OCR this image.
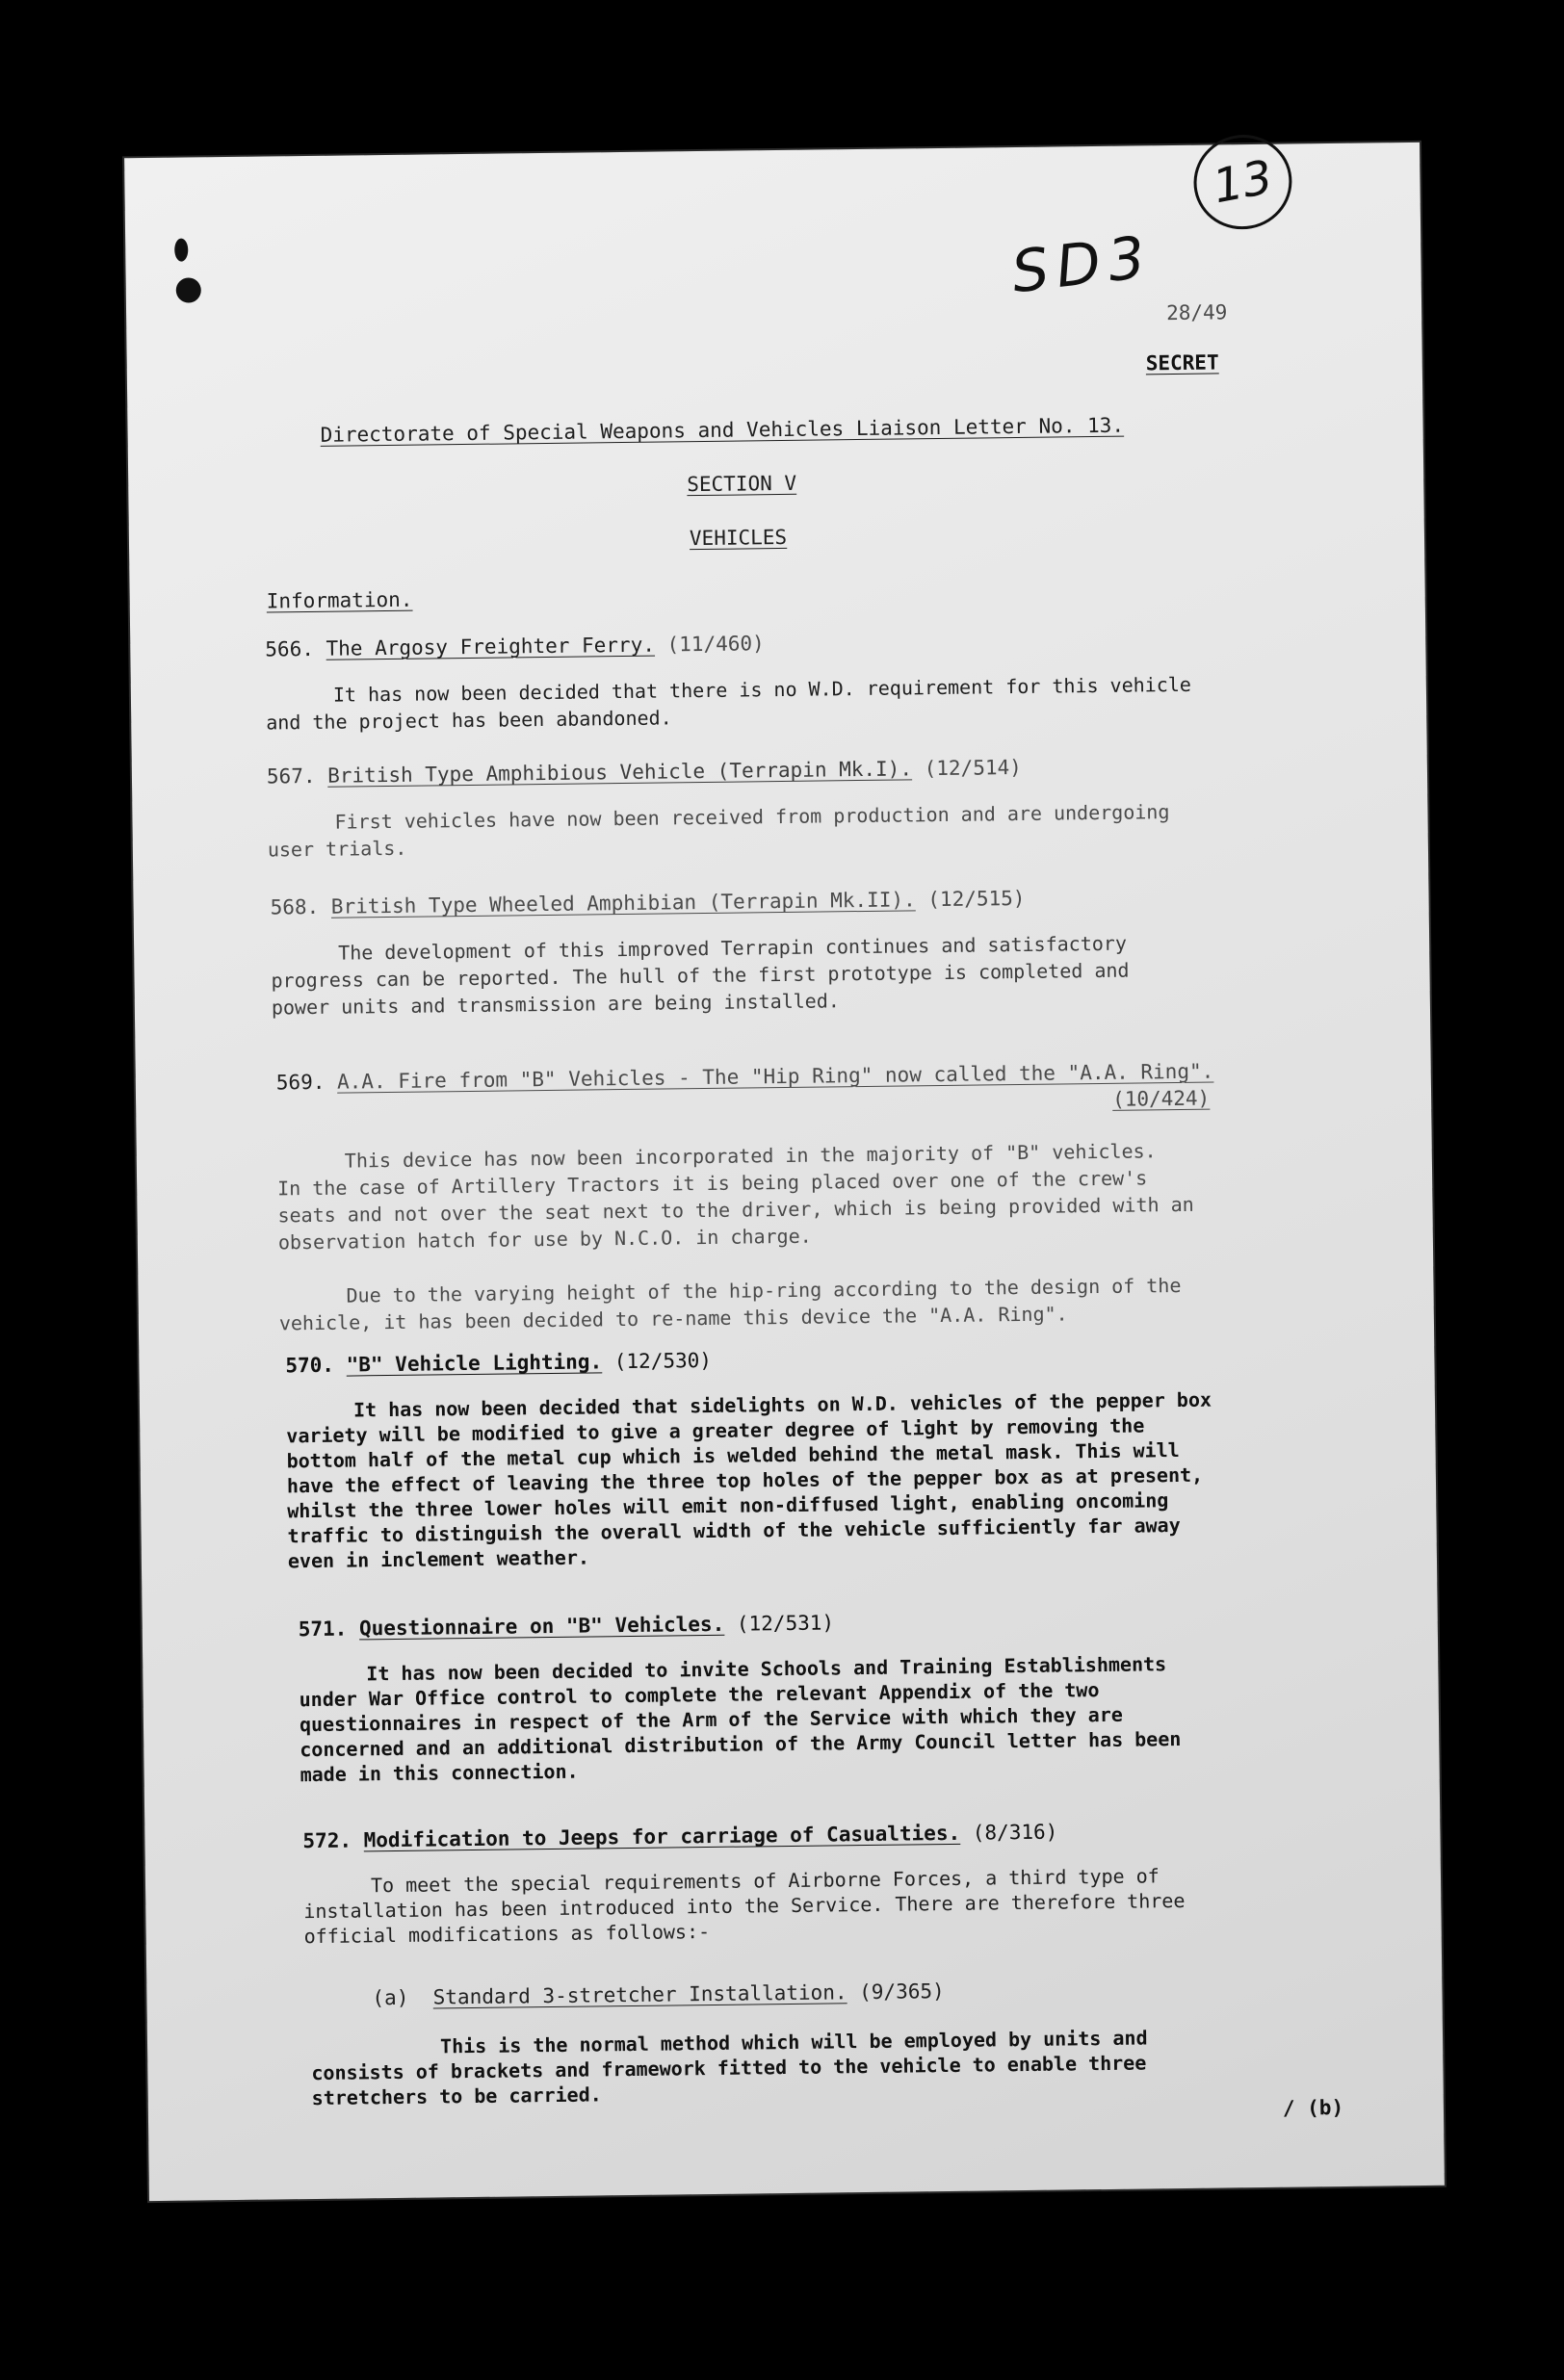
SD3
13
28/49
SECRET
Directorate of Special Weapons and Vehicles Liaison Letter No. 13.
SECTION V
VEHICLES
Information.
566. The Argosy Freighter Ferry. (11/460)

It has now been decided that there is no W.D. requirement for this vehicle

and the project has been abandoned.

567. British Type Amphibious Vehicle (Terrapin Mk.I). (12/514)

First vehicles have now been received from production and are undergoing

user trials.

568. British Type Wheeled Amphibian (Terrapin Mk.II). (12/515)

The development of this improved Terrapin continues and satisfactory

progress can be reported. The hull of the first prototype is completed and

power units and transmission are being installed.

569. A.A. Fire from "B" Vehicles - The "Hip Ring" now called the "A.A. Ring".
(10/424)

This device has now been incorporated in the majority of "B" vehicles.

In the case of Artillery Tractors it is being placed over one of the crew's

seats and not over the seat next to the driver, which is being provided with an

observation hatch for use by N.C.O. in charge.

Due to the varying height of the hip-ring according to the design of the

vehicle, it has been decided to re-name this device the "A.A. Ring".

570. "B" Vehicle Lighting. (12/530)

It has now been decided that sidelights on W.D. vehicles of the pepper box

variety will be modified to give a greater degree of light by removing the

bottom half of the metal cup which is welded behind the metal mask. This will

have the effect of leaving the three top holes of the pepper box as at present,

whilst the three lower holes will emit non-diffused light, enabling oncoming

traffic to distinguish the overall width of the vehicle sufficiently far away

even in inclement weather.

571. Questionnaire on "B" Vehicles. (12/531)

It has now been decided to invite Schools and Training Establishments

under War Office control to complete the relevant Appendix of the two

questionnaires in respect of the Arm of the Service with which they are

concerned and an additional distribution of the Army Council letter has been

made in this connection.

572. Modification to Jeeps for carriage of Casualties. (8/316)

To meet the special requirements of Airborne Forces, a third type of

installation has been introduced into the Service. There are therefore three

official modifications as follows:-

(a) Standard 3-stretcher Installation. (9/365)

This is the normal method which will be employed by units and

consists of brackets and framework fitted to the vehicle to enable three

stretchers to be carried.	/ (b)
